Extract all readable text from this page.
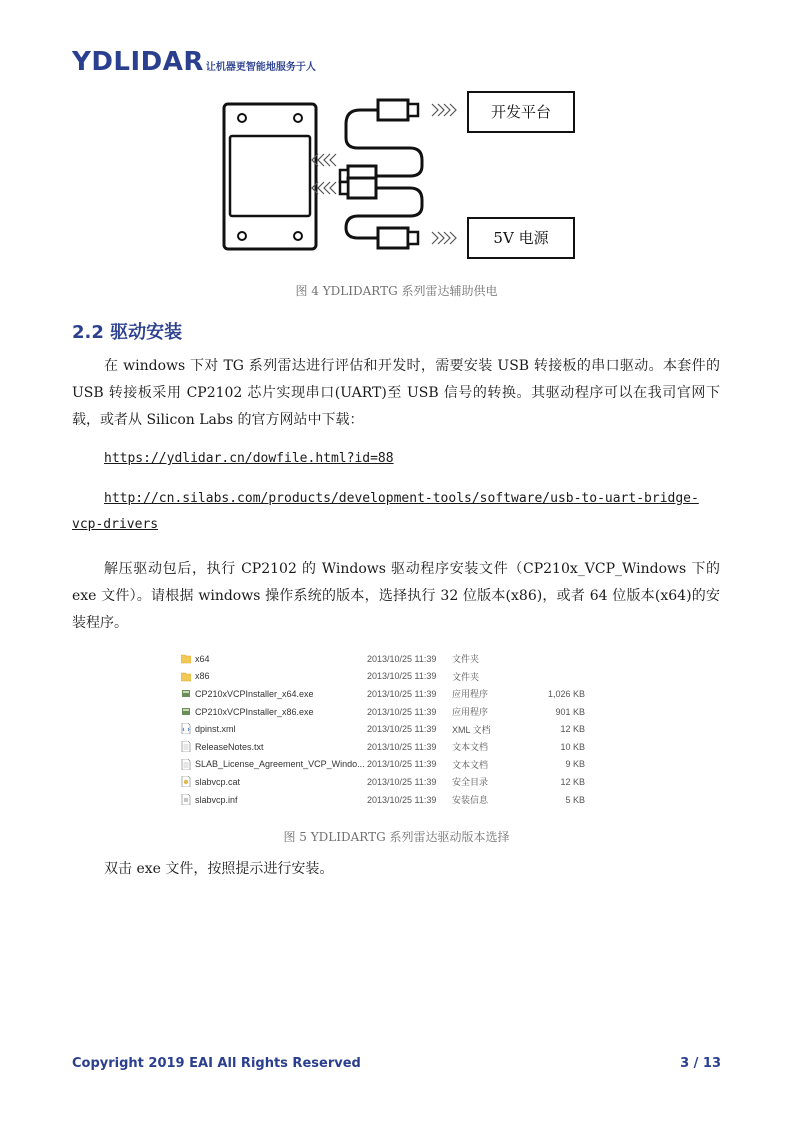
YDLIDAR 让机器更智能地服务于人
开发平台
5V 电源
图 4 YDLIDARTG 系列雷达辅助供电
2.2 驱动安装
在 windows 下对 TG 系列雷达进行评估和开发时，需要安装 USB 转接板的串口驱动。本套件的 USB 转接板采用 CP2102 芯片实现串口(UART)至 USB 信号的转换。其驱动程序可以在我司官网下载，或者从 Silicon Labs 的官方网站中下载：
https://ydlidar.cn/dowfile.html?id=88
http://cn.silabs.com/products/development-tools/software/usb-to-uart-bridge-
vcp-drivers
解压驱动包后，执行 CP2102 的 Windows 驱动程序安装文件（CP210x_VCP_Windows 下的 exe 文件）。请根据 windows 操作系统的版本，选择执行 32 位版本(x86)，或者 64 位版本(x64)的安装程序。
x64	2013/10/25 11:39 文件夹
x86	2013/10/25 11:39 文件夹
CP210xVCPInstaller_x64.exe	2013/10/25 11:39 应用程序	1,026 KB
CP210xVCPInstaller_x86.exe	2013/10/25 11:39 应用程序	901 KB
dpinst.xml	2013/10/25 11:39 XML 文档	12 KB
ReleaseNotes.txt	2013/10/25 11:39 文本文档	10 KB
SLAB_License_Agreement_VCP_Windo... 2013/10/25 11:39 文本文档	9 KB
slabvcp.cat	2013/10/25 11:39 安全目录	12 KB
slabvcp.inf	2013/10/25 11:39 安装信息	5 KB
图 5 YDLIDARTG 系列雷达驱动版本选择
双击 exe 文件，按照提示进行安装。
Copyright 2019 EAI All Rights Reserved	3 / 13
